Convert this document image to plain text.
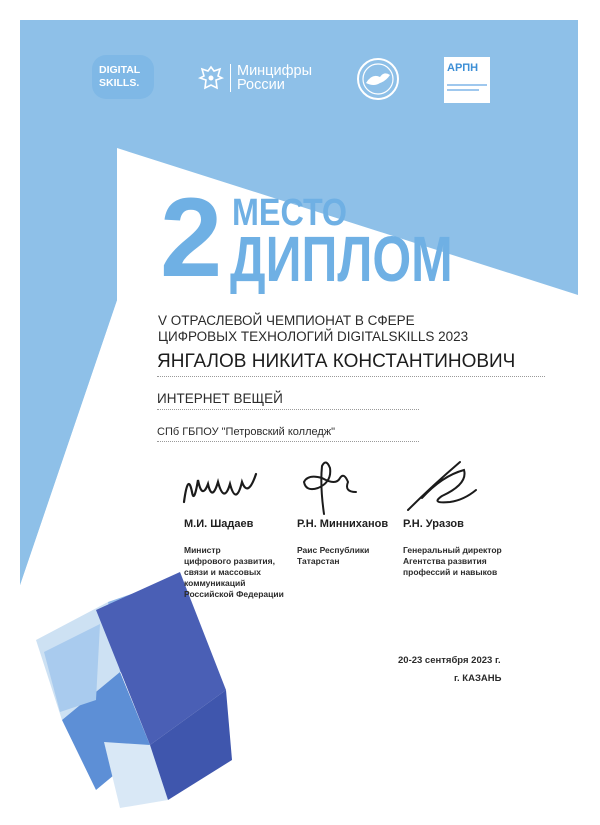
DIGITAL
SKILLS.
Минцифры
России
АРПН
2 МЕСТО
ДИПЛОМ
V ОТРАСЛЕВОЙ ЧЕМПИОНАТ В СФЕРЕ
ЦИФРОВЫХ ТЕХНОЛОГИЙ DIGITALSKILLS 2023
ЯНГАЛОВ НИКИТА КОНСТАНТИНОВИЧ
ИНТЕРНЕТ ВЕЩЕЙ
СПб ГБПОУ "Петровский колледж"
М.И. Шадаев	Р.Н. Минниханов Р.Н. Уразов
Министр
цифрового развития,
связи и массовых
коммуникаций
Российской Федерации
Раис Республики
Татарстан
Генеральный директор
Агентства развития
профессий и навыков
20-23 сентября 2023 г.
г. КАЗАНЬ
